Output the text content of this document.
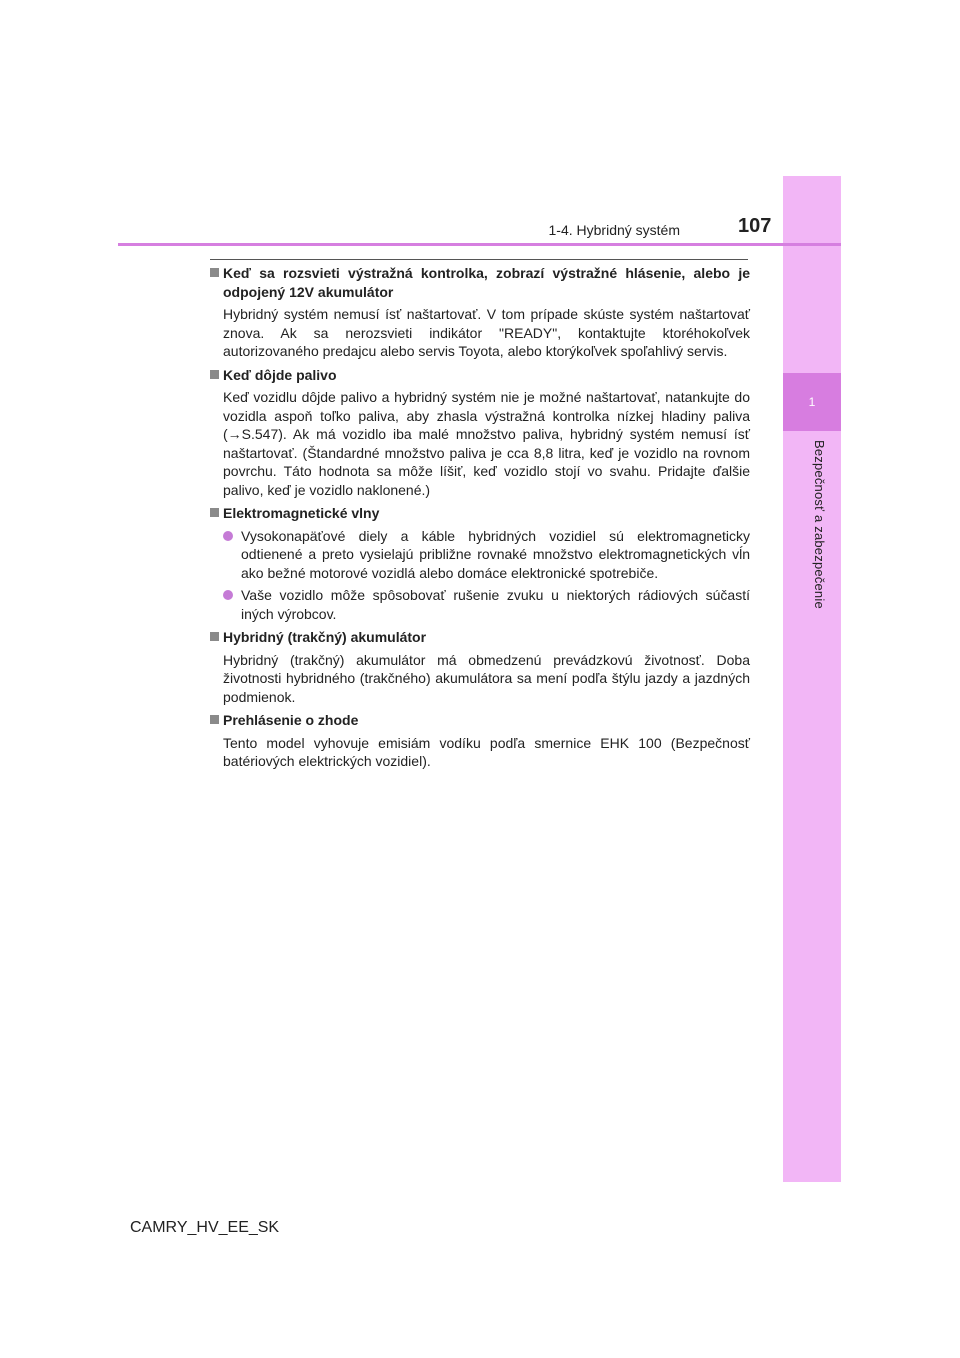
1
Bezpečnosť a zabezpečenie
1-4. Hybridný systém	107
Keď sa rozsvieti výstražná kontrolka, zobrazí výstražné hlásenie, alebo je odpojený 12V akumulátor
Hybridný systém nemusí ísť naštartovať. V tom prípade skúste systém naštartovať znova. Ak sa nerozsvieti indikátor "READY", kontaktujte ktoréhokoľvek autorizovaného predajcu alebo servis Toyota, alebo ktorýkoľvek spoľahlivý servis.
Keď dôjde palivo
Keď vozidlu dôjde palivo a hybridný systém nie je možné naštartovať, natankujte do vozidla aspoň toľko paliva, aby zhasla výstražná kontrolka nízkej hladiny paliva (→S.547). Ak má vozidlo iba malé množstvo paliva, hybridný systém nemusí ísť naštartovať. (Štandardné množstvo paliva je cca 8,8 litra, keď je vozidlo na rovnom povrchu. Táto hodnota sa môže líšiť, keď vozidlo stojí vo svahu. Pridajte ďalšie palivo, keď je vozidlo naklonené.)
Elektromagnetické vlny
Vysokonapäťové diely a káble hybridných vozidiel sú elektromagneticky odtienené a preto vysielajú približne rovnaké množstvo elektromagnetických vĺn ako bežné motorové vozidlá alebo domáce elektronické spotrebiče.
Vaše vozidlo môže spôsobovať rušenie zvuku u niektorých rádiových súčastí iných výrobcov.
Hybridný (trakčný) akumulátor
Hybridný (trakčný) akumulátor má obmedzenú prevádzkovú životnosť. Doba životnosti hybridného (trakčného) akumulátora sa mení podľa štýlu jazdy a jazdných podmienok.
Prehlásenie o zhode
Tento model vyhovuje emisiám vodíku podľa smernice EHK 100 (Bezpečnosť batériových elektrických vozidiel).
CAMRY_HV_EE_SK
